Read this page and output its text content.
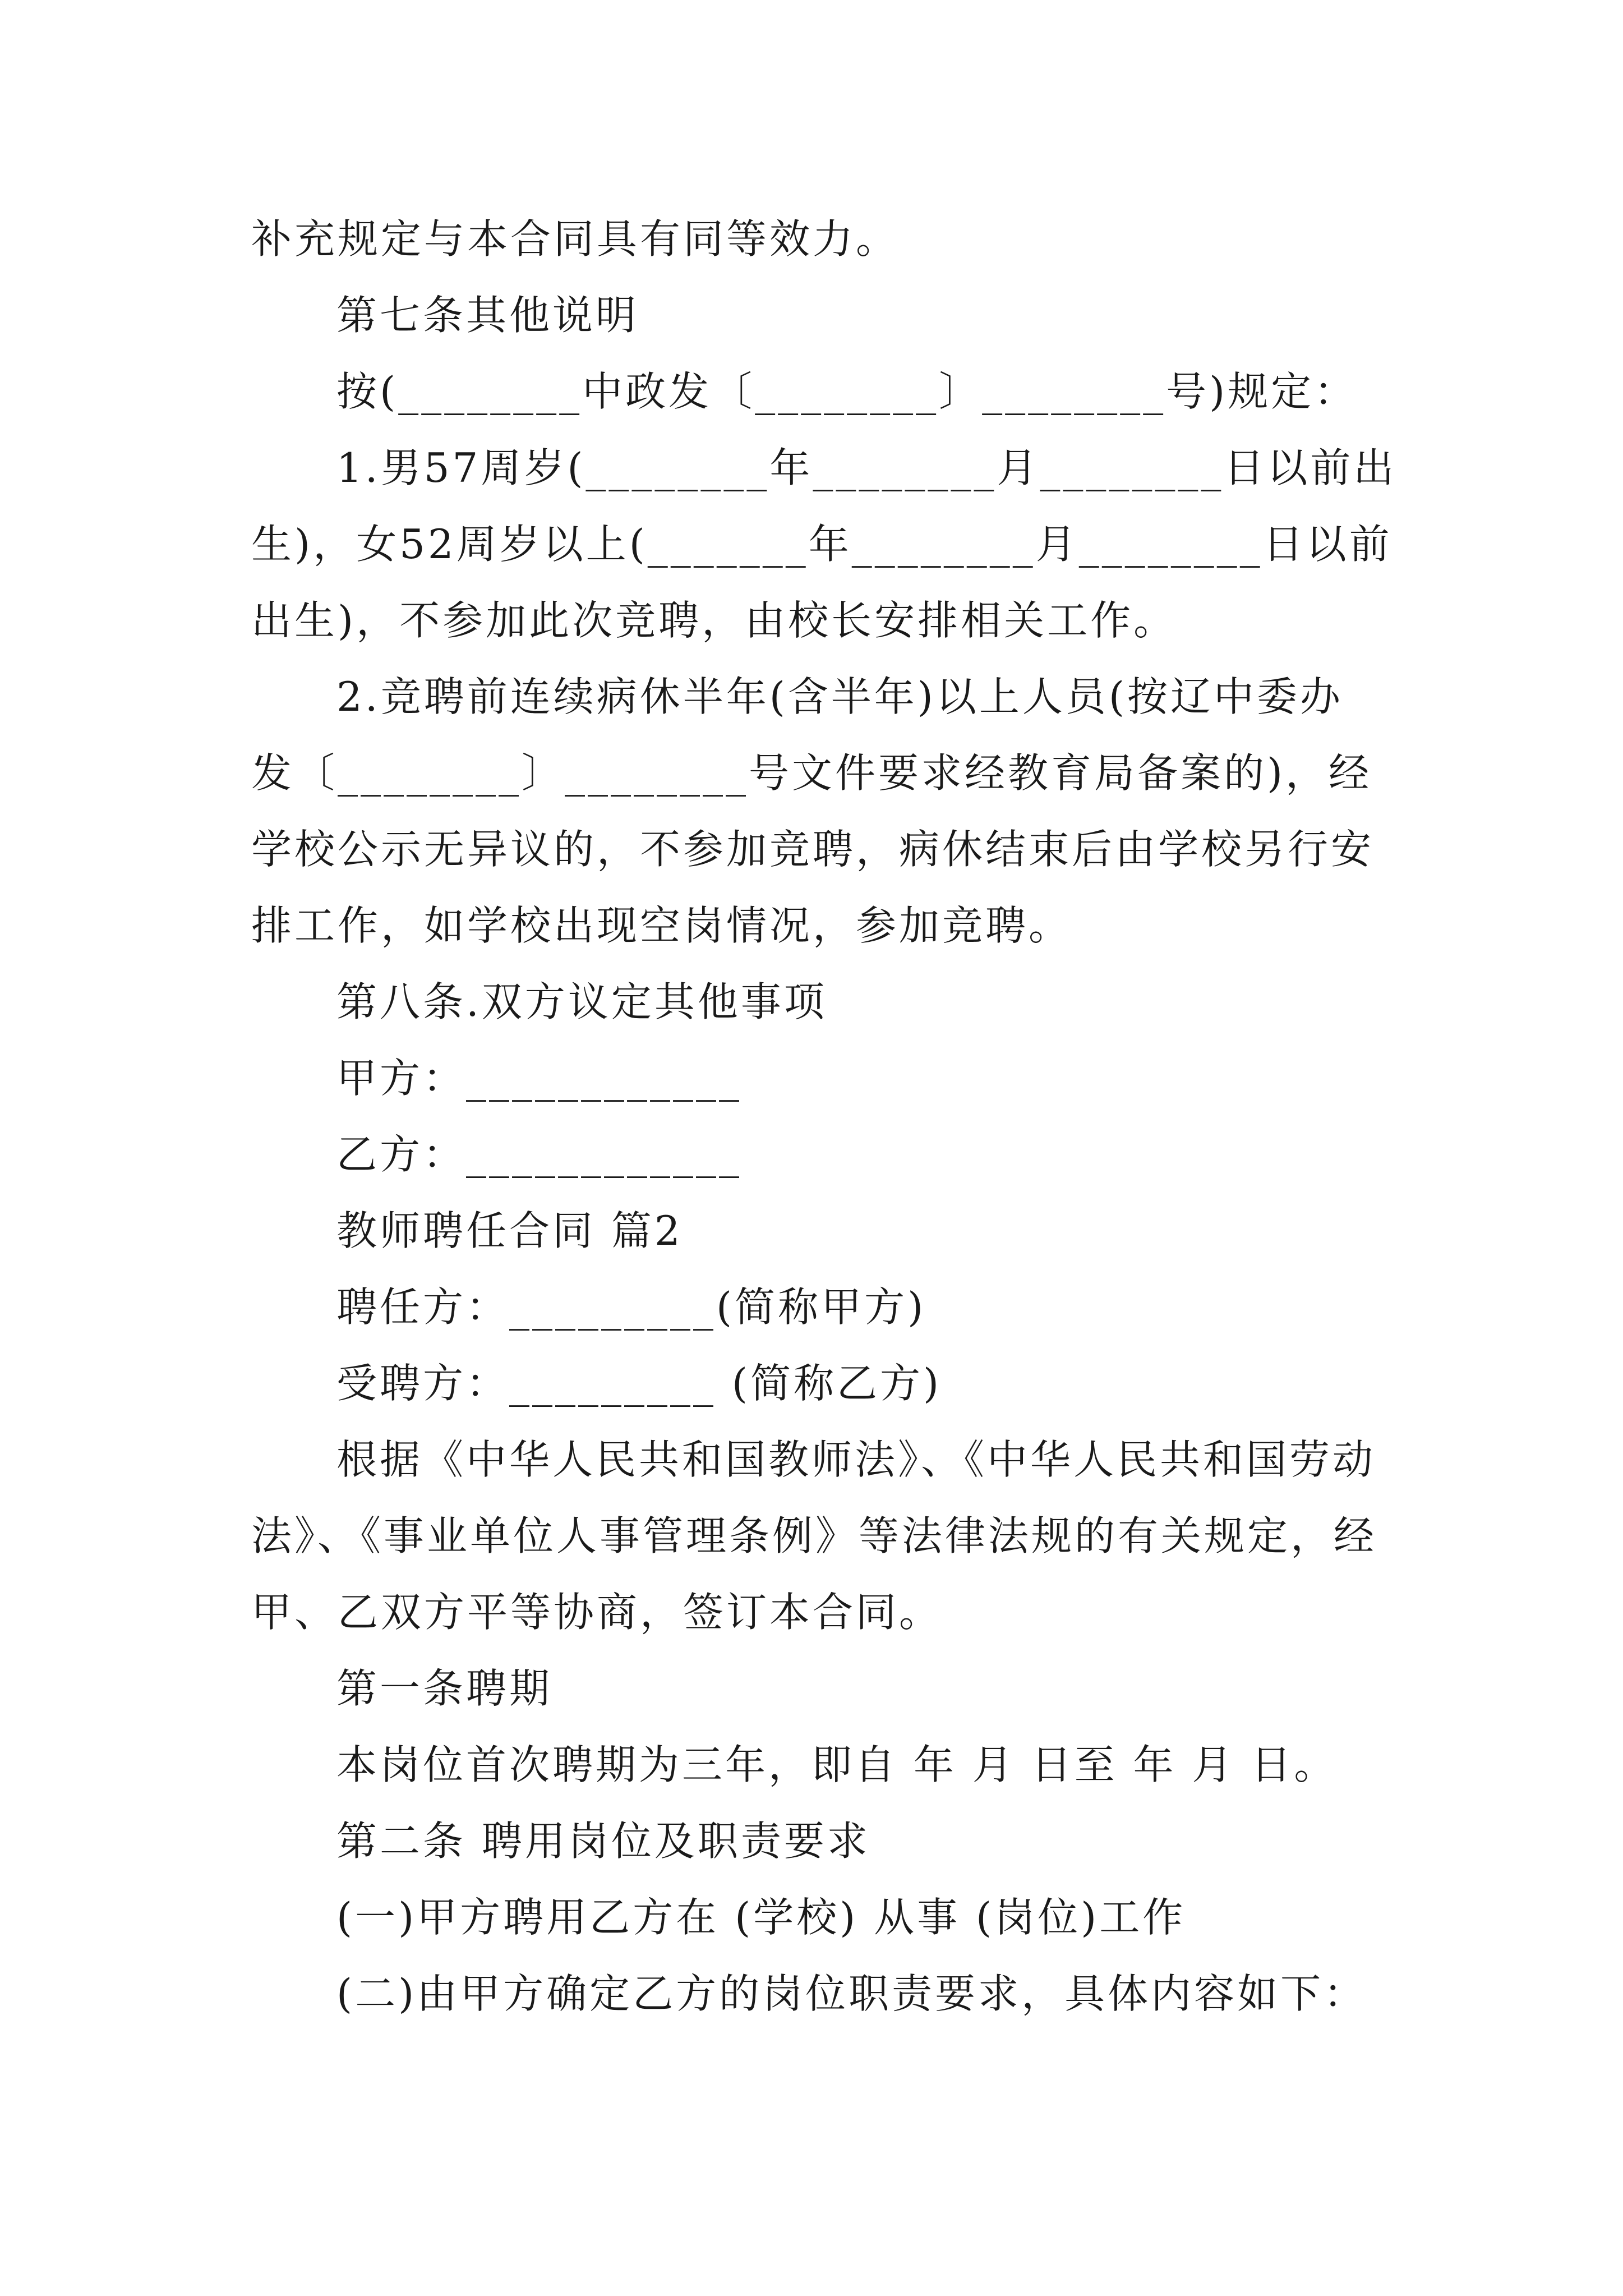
补充规定与本合同具有同等效力。
第七条其他说明
按(________中政发〔________〕________号)规定：
1.男57周岁(________年________月________日以前出
生)，女52周岁以上(_______年________月________日以前
出生)，不参加此次竞聘，由校长安排相关工作。
2.竞聘前连续病休半年(含半年)以上人员(按辽中委办
发〔________〕________号文件要求经教育局备案的)，经
学校公示无异议的，不参加竞聘，病休结束后由学校另行安
排工作，如学校出现空岗情况，参加竞聘。
第八条.双方议定其他事项
甲方：____________
乙方：____________
教师聘任合同 篇2
聘任方：_________(简称甲方)
受聘方：_________ (简称乙方)
根据《中华人民共和国教师法》、《中华人民共和国劳动
法》、《事业单位人事管理条例》等法律法规的有关规定，经
甲、乙双方平等协商，签订本合同。
第一条聘期
本岗位首次聘期为三年，即自 年 月 日至 年 月 日。
第二条 聘用岗位及职责要求
(一)甲方聘用乙方在 (学校) 从事 (岗位)工作
(二)由甲方确定乙方的岗位职责要求，具体内容如下：
